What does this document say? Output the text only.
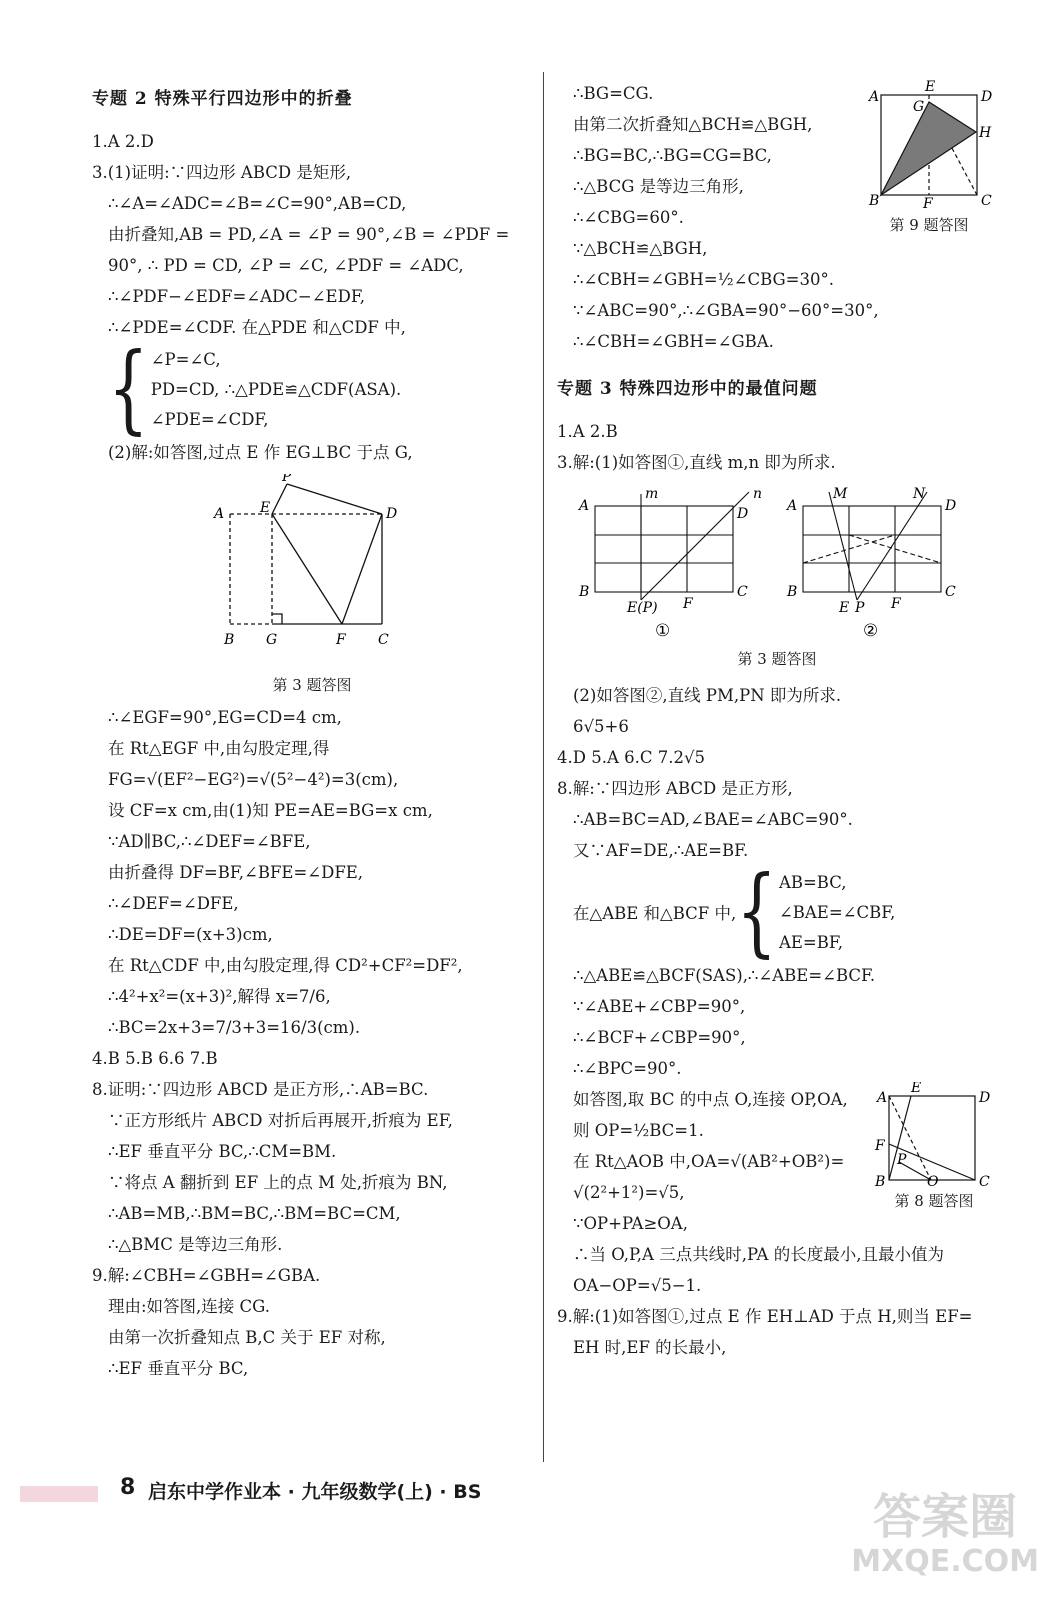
专题 2 特殊平行四边形中的折叠
1.A 2.D
3.(1)证明:∵四边形 ABCD 是矩形,
∴∠A=∠ADC=∠B=∠C=90°,AB=CD,
由折叠知,AB = PD,∠A = ∠P = 90°,∠B = ∠PDF =
90°, ∴ PD = CD, ∠P = ∠C, ∠PDF = ∠ADC,
∴∠PDF−∠EDF=∠ADC−∠EDF,
∴∠PDE=∠CDF. 在△PDE 和△CDF 中,
{ ∠P=∠C,
PD=CD, ∴△PDE≌△CDF(ASA).
∠PDE=∠CDF,
(2)解:如答图,过点 E 作 EG⊥BC 于点 G,
P
A	E	D
B G	F C
第 3 题答图
∴∠EGF=90°,EG=CD=4 cm,
在 Rt△EGF 中,由勾股定理,得
FG=√(EF²−EG²)=√(5²−4²)=3(cm),
设 CF=x cm,由(1)知 PE=AE=BG=x cm,
∵AD∥BC,∴∠DEF=∠BFE,
由折叠得 DF=BF,∠BFE=∠DFE,
∴∠DEF=∠DFE,
∴DE=DF=(x+3)cm,
在 Rt△CDF 中,由勾股定理,得 CD²+CF²=DF²,
∴4²+x²=(x+3)²,解得 x=7/6,
∴BC=2x+3=7/3+3=16/3(cm).
4.B 5.B 6.6 7.B
8.证明:∵四边形 ABCD 是正方形,∴AB=BC.
∵正方形纸片 ABCD 对折后再展开,折痕为 EF,
∴EF 垂直平分 BC,∴CM=BM.
∵将点 A 翻折到 EF 上的点 M 处,折痕为 BN,
∴AB=MB,∴BM=BC,∴BM=BC=CM,
∴△BMC 是等边三角形.
9.解:∠CBH=∠GBH=∠GBA.
理由:如答图,连接 CG.
由第一次折叠知点 B,C 关于 EF 对称,
∴EF 垂直平分 BC,
∴BG=CG.
由第二次折叠知△BCH≌△BGH,
∴BG=BC,∴BG=CG=BC,
∴△BCG 是等边三角形,
∴∠CBG=60°.
∵△BCH≌△BGH,
∴∠CBH=∠GBH=½∠CBG=30°.
∵∠ABC=90°,∴∠GBA=90°−60°=30°,
∴∠CBH=∠GBH=∠GBA.
A
E
D
G
H
B	F	C
第 9 题答图
专题 3 特殊四边形中的最值问题
1.A 2.B
3.解:(1)如答图①,直线 m,n 即为所求.
A
m	n
D
B
E(P) F
C
①
A
M	N
D
B
E P F
C
②
第 3 题答图
(2)如答图②,直线 PM,PN 即为所求.
6√5+6
4.D 5.A 6.C 7.2√5
8.解:∵四边形 ABCD 是正方形,
∴AB=BC=AD,∠BAE=∠ABC=90°.
又∵AF=DE,∴AE=BF.
在△ABE 和△BCF 中, { AB=BC,
∠BAE=∠CBF,
AE=BF,
∴△ABE≌△BCF(SAS),∴∠ABE=∠BCF.
∵∠ABE+∠CBP=90°,
∴∠BCF+∠CBP=90°,
∴∠BPC=90°.
如答图,取 BC 的中点 O,连接 OP,OA,
则 OP=½BC=1.
在 Rt△AOB 中,OA=√(AB²+OB²)=
√(2²+1²)=√5,
A
E
D
F
P
B	O	C
第 8 题答图
∵OP+PA≥OA,
∴当 O,P,A 三点共线时,PA 的长度最小,且最小值为
OA−OP=√5−1.
9.解:(1)如答图①,过点 E 作 EH⊥AD 于点 H,则当 EF=
EH 时,EF 的长最小,
8 启东中学作业本 · 九年级数学(上) · BS	答案圈
MXQE.COM
